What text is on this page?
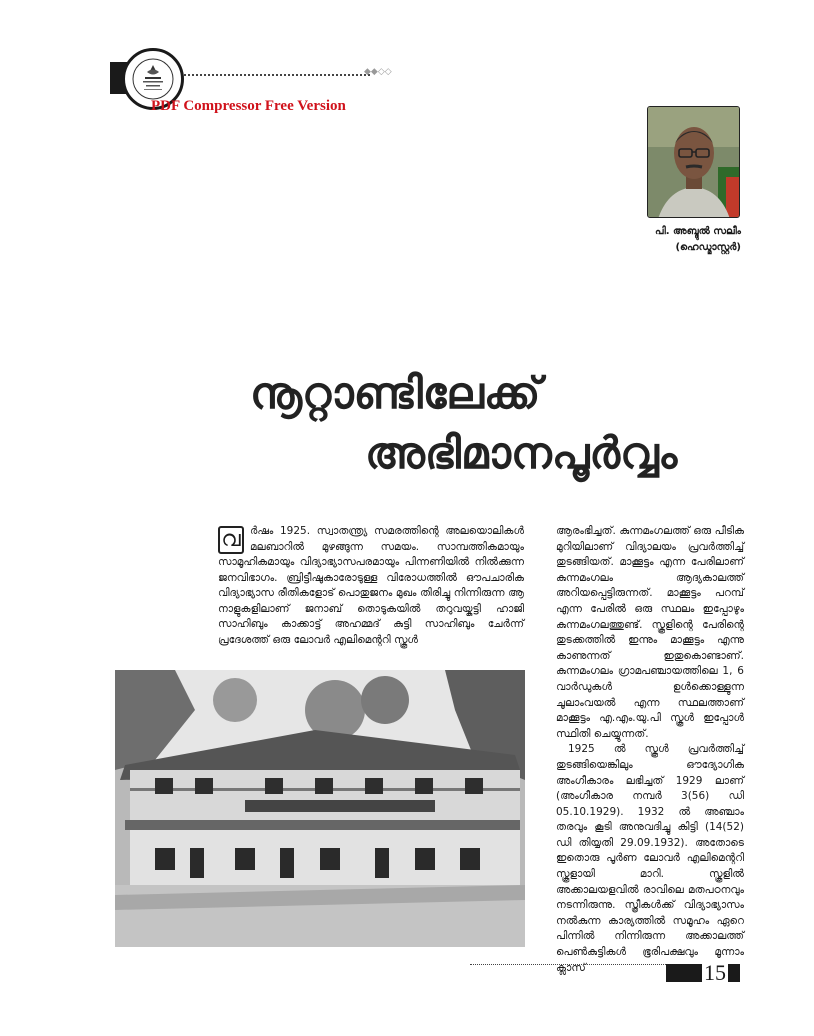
◆◆◇◇
PDF Compressor Free Version
പി. അബ്ദുൽ സലീം
(ഹെഡ്മാസ്റ്റർ)
നൂറ്റാണ്ടിലേക്ക്
അഭിമാനപൂർവ്വം
വ ർഷം 1925. സ്വാതന്ത്ര്യ സമരത്തിന്റെ അലയൊലികൾ മലബാറിൽ മുഴങ്ങുന്ന സമയം. സാമ്പത്തികമായും സാമൂഹികമായും വിദ്യാഭ്യാസപരമായും പിന്നണിയിൽ നിൽക്കുന്ന ജനവിഭാഗം. ബ്രിട്ടീഷുകാരോടുള്ള വിരോധത്തിൽ ഔപചാരിക വിദ്യാഭ്യാസ രീതികളോട് പൊതുജനം മുഖം തിരിച്ചു നിന്നിരുന്ന ആ നാളുകളിലാണ് ജനാബ് തൊടുകയിൽ തറുവയ്കുട്ടി ഹാജി സാഹിബും കാക്കാട്ട് അഹമ്മദ് കുട്ടി സാഹിബും ചേർന്ന് പ്രദേശത്ത് ഒരു ലോവർ എലിമെന്ററി സ്കൂൾ

ആരംഭിച്ചത്. കുന്നമംഗലത്ത് ഒരു പീടിക മുറിയിലാണ് വിദ്യാലയം പ്രവർത്തിച്ച് തുടങ്ങിയത്. മാക്കൂട്ടം എന്ന പേരിലാണ് കുന്നമംഗലം ആദ്യകാലത്ത് അറിയപ്പെട്ടിരുന്നത്. മാക്കൂട്ടം പറമ്പ് എന്ന പേരിൽ ഒരു സ്ഥലം ഇപ്പോഴും കുന്നമംഗലത്തുണ്ട്. സ്കൂളിന്റെ പേരിന്റെ തുടക്കത്തിൽ ഇന്നും മാക്കൂട്ടം എന്നു കാണുന്നത് ഇതുകൊണ്ടാണ്. കുന്നമംഗലം ഗ്രാമപഞ്ചായത്തിലെ 1, 6 വാർഡുകൾ ഉൾക്കൊള്ളുന്ന ചൂലാംവയൽ എന്ന സ്ഥലത്താണ് മാക്കൂട്ടം എ.എം.യു.പി സ്കൂൾ ഇപ്പോൾ സ്ഥിതി ചെയ്യുന്നത്.

1925 ൽ സ്കൂൾ പ്രവർത്തിച്ച് തുടങ്ങിയെങ്കിലും ഔദ്യോഗിക അംഗീകാരം ലഭിച്ചത് 1929 ലാണ് (അംഗീകാര നമ്പർ 3(56) ഡി 05.10.1929). 1932 ൽ അഞ്ചാം തരവും കൂടി അനുവദിച്ചു കിട്ടി (14(52) ഡി തിയ്യതി 29.09.1932). അതോടെ ഇതൊരു പൂർണ ലോവർ എലിമെന്ററി സ്കൂളായി മാറി. സ്കൂളിൽ അക്കാലയളവിൽ രാവിലെ മതപഠനവും നടന്നിരുന്നു. സ്ത്രീകൾക്ക് വിദ്യാഭ്യാസം നൽകുന്ന കാര്യത്തിൽ സമൂഹം ഏറെ പിന്നിൽ നിന്നിരുന്ന അക്കാലത്ത് പെൺകുട്ടികൾ ഭൂരിപക്ഷവും മൂന്നാം ക്ലാസ്	15
